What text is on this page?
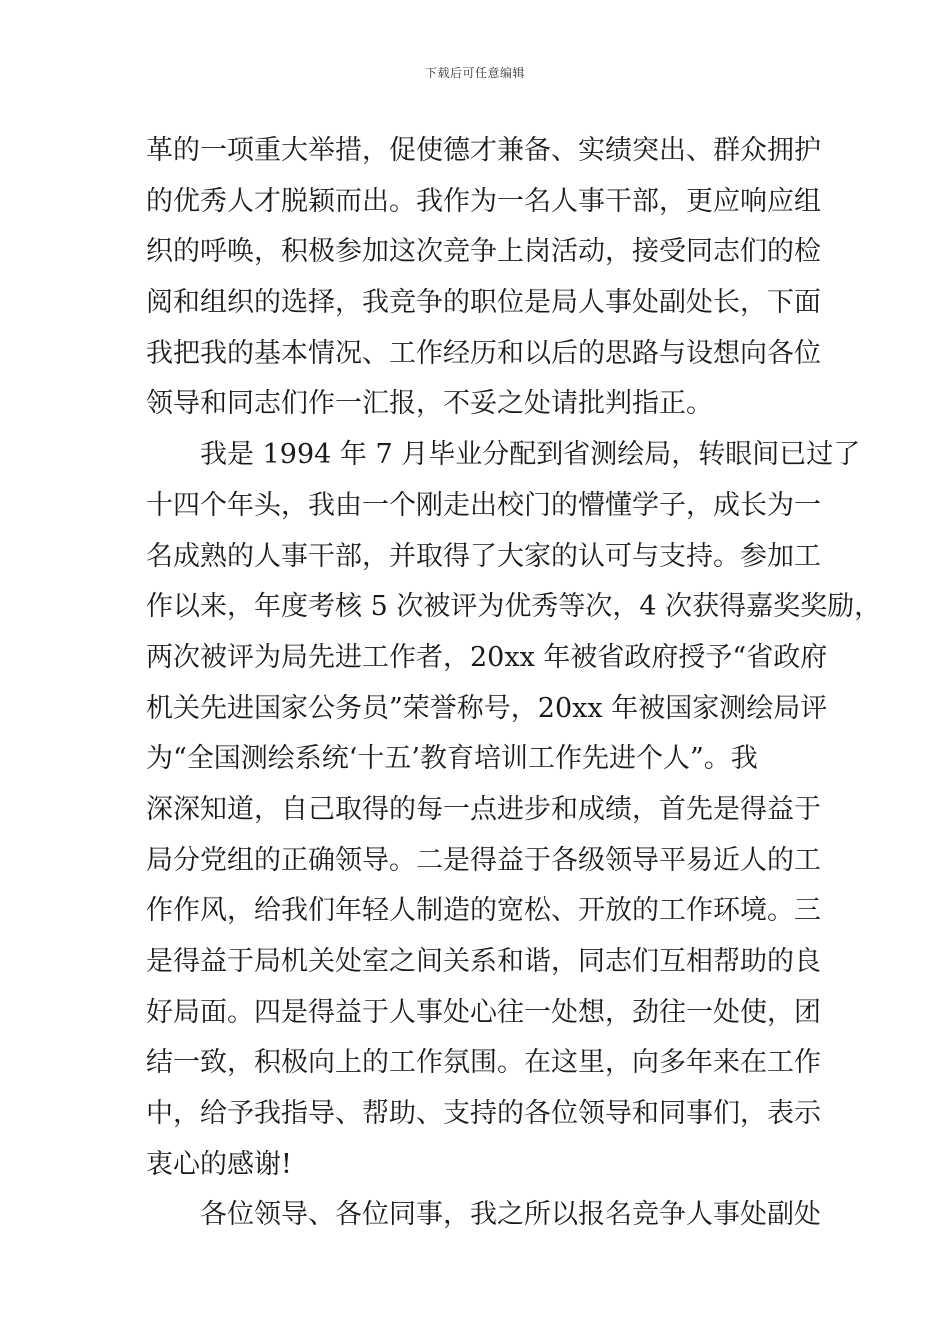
下载后可任意编辑
革的一项重大举措，促使德才兼备、实绩突出、群众拥护
的优秀人才脱颖而出。我作为一名人事干部，更应响应组
织的呼唤，积极参加这次竞争上岗活动，接受同志们的检
阅和组织的选择，我竞争的职位是局人事处副处长，下面
我把我的基本情况、工作经历和以后的思路与设想向各位
领导和同志们作一汇报，不妥之处请批判指正。
我是 1994 年 7 月毕业分配到省测绘局，转眼间已过了
十四个年头，我由一个刚走出校门的懵懂学子，成长为一
名成熟的人事干部，并取得了大家的认可与支持。参加工
作以来，年度考核 5 次被评为优秀等次，4 次获得嘉奖奖励，
两次被评为局先进工作者，20xx 年被省政府授予“省政府
机关先进国家公务员”荣誉称号，20xx 年被国家测绘局评
为“全国测绘系统‘十五’教育培训工作先进个人”。我
深深知道，自己取得的每一点进步和成绩，首先是得益于
局分党组的正确领导。二是得益于各级领导平易近人的工
作作风，给我们年轻人制造的宽松、开放的工作环境。三
是得益于局机关处室之间关系和谐，同志们互相帮助的良
好局面。四是得益于人事处心往一处想，劲往一处使，团
结一致，积极向上的工作氛围。在这里，向多年来在工作
中，给予我指导、帮助、支持的各位领导和同事们，表示
衷心的感谢!
各位领导、各位同事，我之所以报名竞争人事处副处
